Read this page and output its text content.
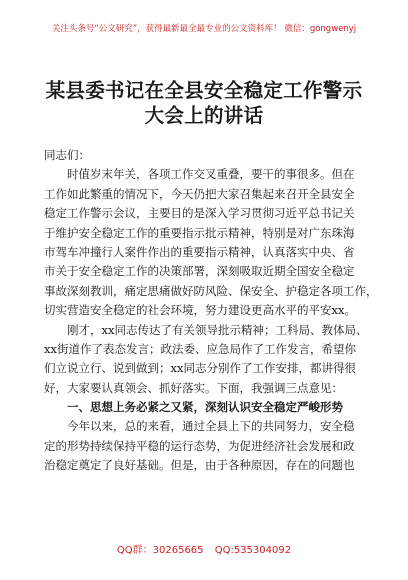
关注头条号“公文研究”，获得最新最全最专业的公文资料库！ 微信：gongwenyj
某县委书记在全县安全稳定工作警示
大会上的讲话
同志们：
　　时值岁末年关，各项工作交叉重叠，要干的事很多。但在
工作如此繁重的情况下，今天仍把大家召集起来召开全县安全
稳定工作警示会议，主要目的是深入学习贯彻习近平总书记关
于维护安全稳定工作的重要指示批示精神，特别是对广东珠海
市驾车冲撞行人案件作出的重要指示精神，认真落实中央、省
市关于安全稳定工作的决策部署，深刻吸取近期全国安全稳定
事故深刻教训，痛定思痛做好防风险、保安全、护稳定各项工作，
切实营造安全稳定的社会环境，努力建设更高水平的平安xx。
　　刚才，xx同志传达了有关领导批示精神；工科局、教体局、
xx街道作了表态发言；政法委、应急局作了工作发言，希望你
们立说立行、说到做到；xx同志分别作了工作安排，都讲得很
好，大家要认真领会、抓好落实。下面，我强调三点意见：
　　一、思想上务必紧之又紧，深刻认识安全稳定严峻形势
　　今年以来，总的来看，通过全县上下的共同努力，安全稳
定的形势持续保持平稳的运行态势，为促进经济社会发展和政
治稳定奠定了良好基础。但是，由于各种原因，存在的问题也
QQ群：30265665 QQ:535304092
